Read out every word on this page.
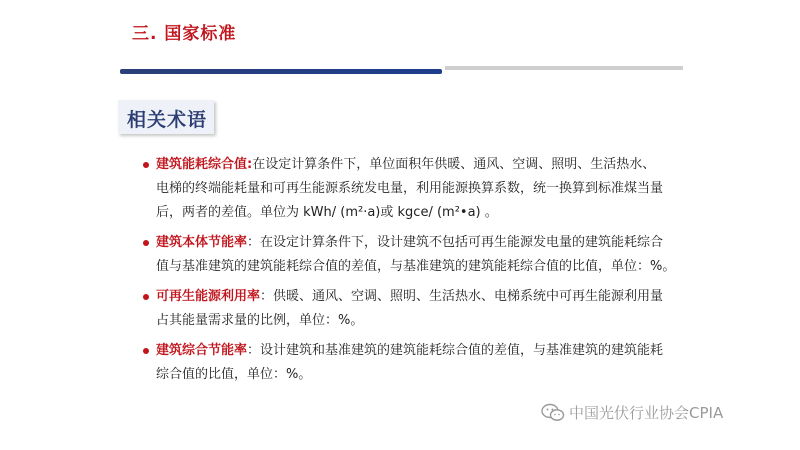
三. 国家标准
相关术语
建筑能耗综合值:在设定计算条件下，单位面积年供暖、通风、空调、照明、生活热水、
电梯的终端能耗量和可再生能源系统发电量，利用能源换算系数，统一换算到标准煤当量
后，两者的差值。单位为 kWh/ (m²·a)或 kgce/ (m²•a) 。
建筑本体节能率：在设定计算条件下，设计建筑不包括可再生能源发电量的建筑能耗综合
值与基准建筑的建筑能耗综合值的差值，与基准建筑的建筑能耗综合值的比值，单位：%。
可再生能源利用率：供暖、通风、空调、照明、生活热水、电梯系统中可再生能源利用量
占其能量需求量的比例，单位：%。
建筑综合节能率：设计建筑和基准建筑的建筑能耗综合值的差值，与基准建筑的建筑能耗
综合值的比值，单位：%。
中国光伏行业协会CPIA
